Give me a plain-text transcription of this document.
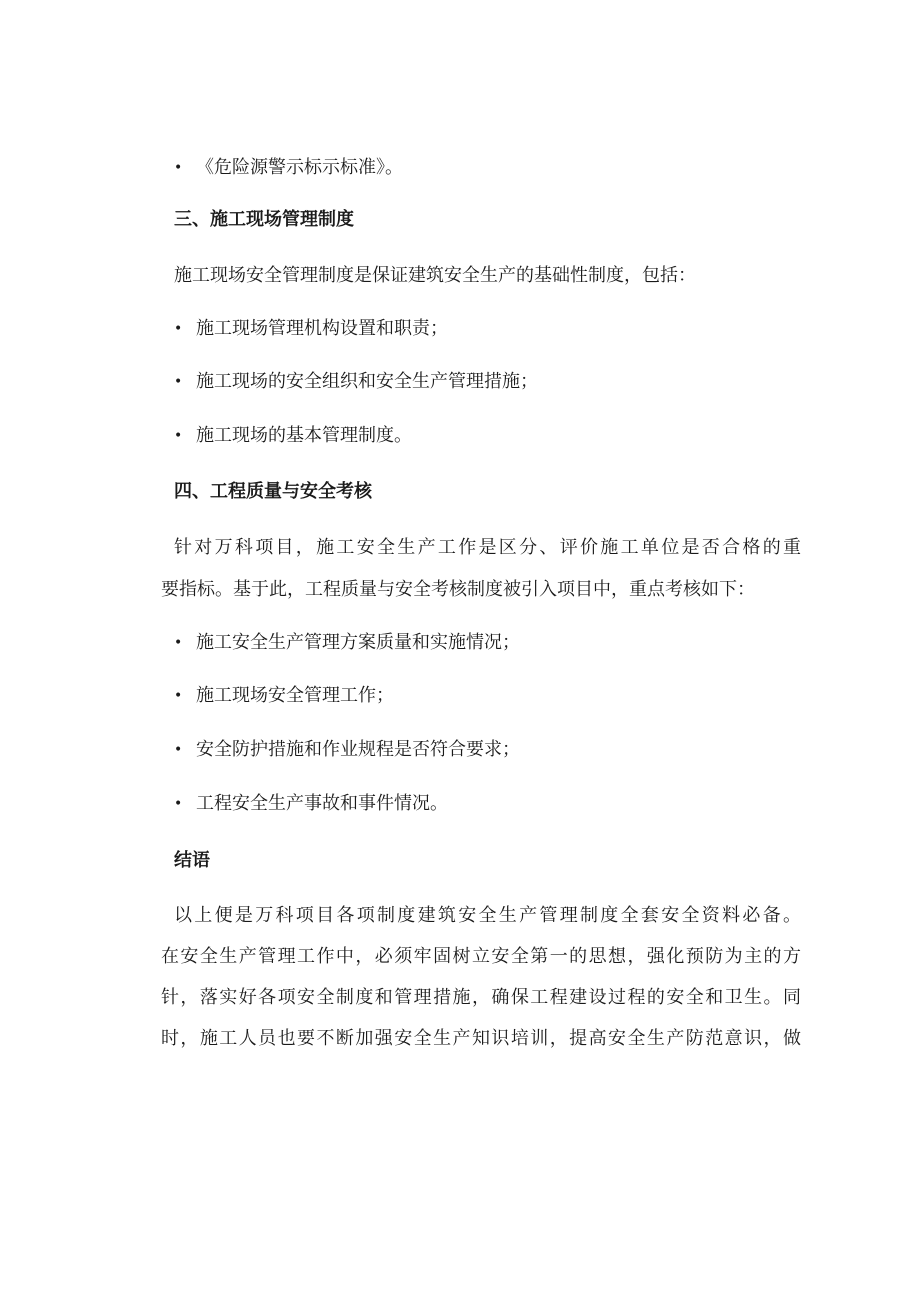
• 《危险源警示标示标准》。
三、施工现场管理制度
施工现场安全管理制度是保证建筑安全生产的基础性制度，包括：
• 施工现场管理机构设置和职责；
• 施工现场的安全组织和安全生产管理措施；
• 施工现场的基本管理制度。
四、工程质量与安全考核
针对万科项目，施工安全生产工作是区分、评价施工单位是否合格的重
要指标。基于此，工程质量与安全考核制度被引入项目中，重点考核如下：
• 施工安全生产管理方案质量和实施情况；
• 施工现场安全管理工作；
• 安全防护措施和作业规程是否符合要求；
• 工程安全生产事故和事件情况。
结语
以上便是万科项目各项制度建筑安全生产管理制度全套安全资料必备。
在安全生产管理工作中，必须牢固树立安全第一的思想，强化预防为主的方
针，落实好各项安全制度和管理措施，确保工程建设过程的安全和卫生。同
时，施工人员也要不断加强安全生产知识培训，提高安全生产防范意识，做
